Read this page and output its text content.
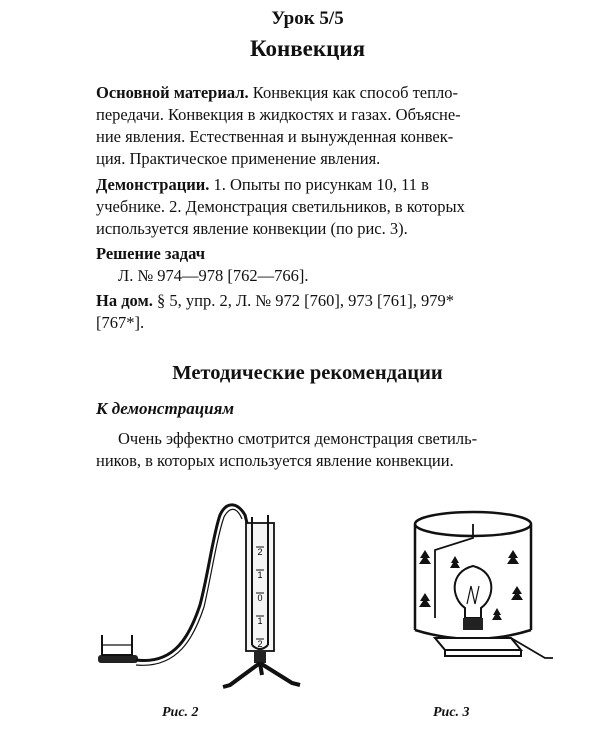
Урок 5/5
Конвекция
Основной материал. Конвекция как способ тепло-
передачи. Конвекция в жидкостях и газах. Объясне-
ние явления. Естественная и вынужденная конвек-
ция. Практическое применение явления.
Демонстрации. 1. Опыты по рисункам 10, 11 в
учебнике. 2. Демонстрация светильников, в которых
используется явление конвекции (по рис. 3).
Решение задач
Л. № 974—978 [762—766].
На дом. § 5, упр. 2, Л. № 972 [760], 973 [761], 979*
[767*].
Методические рекомендации
К демонстрациям
Очень эффектно смотрится демонстрация светиль-
ников, в которых используется явление конвекции.
2
1
0
1
2
Рис. 2	Рис. 3
